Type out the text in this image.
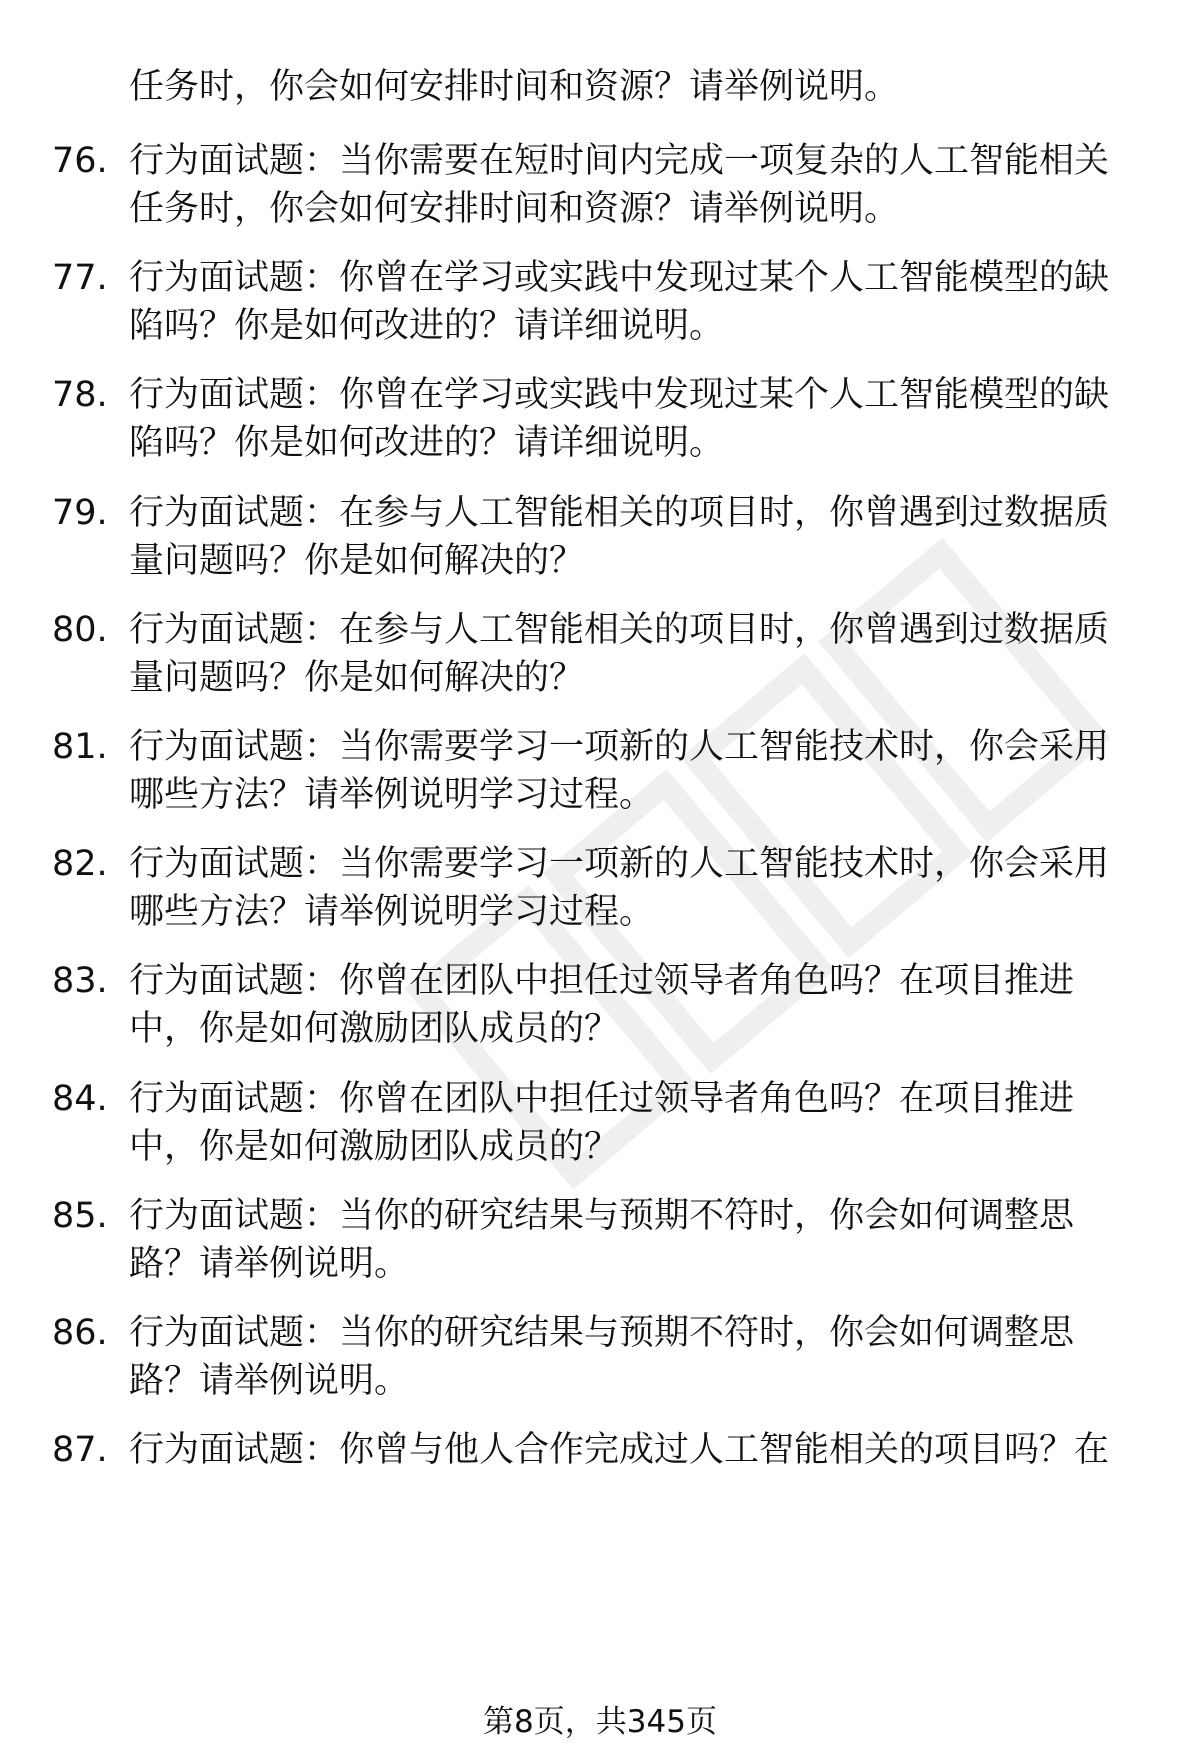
任务时，你会如何安排时间和资源？请举例说明。
76. 行为面试题：当你需要在短时间内完成一项复杂的人工智能相关
任务时，你会如何安排时间和资源？请举例说明。
77. 行为面试题：你曾在学习或实践中发现过某个人工智能模型的缺
陷吗？你是如何改进的？请详细说明。
78. 行为面试题：你曾在学习或实践中发现过某个人工智能模型的缺
陷吗？你是如何改进的？请详细说明。
79. 行为面试题：在参与人工智能相关的项目时，你曾遇到过数据质
量问题吗？你是如何解决的？
80. 行为面试题：在参与人工智能相关的项目时，你曾遇到过数据质
量问题吗？你是如何解决的？
81. 行为面试题：当你需要学习一项新的人工智能技术时，你会采用
哪些方法？请举例说明学习过程。
82. 行为面试题：当你需要学习一项新的人工智能技术时，你会采用
哪些方法？请举例说明学习过程。
83. 行为面试题：你曾在团队中担任过领导者角色吗？在项目推进
中，你是如何激励团队成员的？
84. 行为面试题：你曾在团队中担任过领导者角色吗？在项目推进
中，你是如何激励团队成员的？
85. 行为面试题：当你的研究结果与预期不符时，你会如何调整思
路？请举例说明。
86. 行为面试题：当你的研究结果与预期不符时，你会如何调整思
路？请举例说明。
87. 行为面试题：你曾与他人合作完成过人工智能相关的项目吗？在
第8页，共345页
